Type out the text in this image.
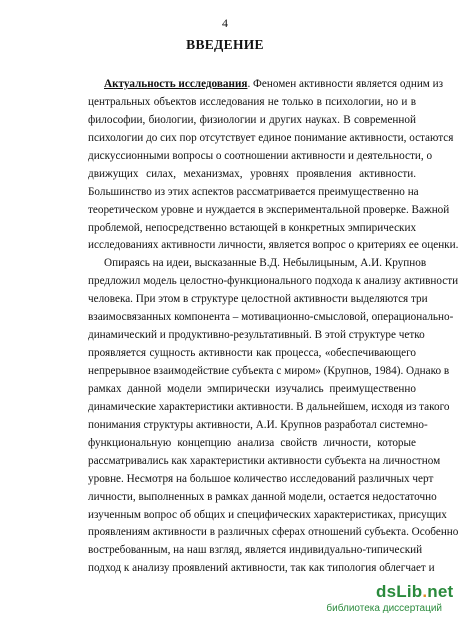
4
ВВЕДЕНИЕ
Актуальность исследования. Феномен активности является одним из
центральных объектов исследования не только в психологии, но и в
философии, биологии, физиологии и других науках. В современной
психологии до сих пор отсутствует единое понимание активности, остаются
дискуссионными вопросы о соотношении активности и деятельности, о
движущих силах, механизмах, уровнях проявления активности.
Большинство из этих аспектов рассматривается преимущественно на
теоретическом уровне и нуждается в экспериментальной проверке. Важной
проблемой, непосредственно встающей в конкретных эмпирических
исследованиях активности личности, является вопрос о критериях ее оценки.
Опираясь на идеи, высказанные В.Д. Небылицыным, А.И. Крупнов
предложил модель целостно-функционального подхода к анализу активности
человека. При этом в структуре целостной активности выделяются три
взаимосвязанных компонента – мотивационно-смысловой, операционально-
динамический и продуктивно-результативный. В этой структуре четко
проявляется сущность активности как процесса, «обеспечивающего
непрерывное взаимодействие субъекта с миром» (Крупнов, 1984). Однако в
рамках данной модели эмпирически изучались преимущественно
динамические характеристики активности. В дальнейшем, исходя из такого
понимания структуры активности, А.И. Крупнов разработал системно-
функциональную концепцию анализа свойств личности, которые
рассматривались как характеристики активности субъекта на личностном
уровне. Несмотря на большое количество исследований различных черт
личности, выполненных в рамках данной модели, остается недостаточно
изученным вопрос об общих и специфических характеристиках, присущих
проявлениям активности в различных сферах отношений субъекта. Особенно
востребованным, на наш взгляд, является индивидуально-типический
подход к анализу проявлений активности, так как типология облегчает и
dsLib.net
библиотека диссертаций
